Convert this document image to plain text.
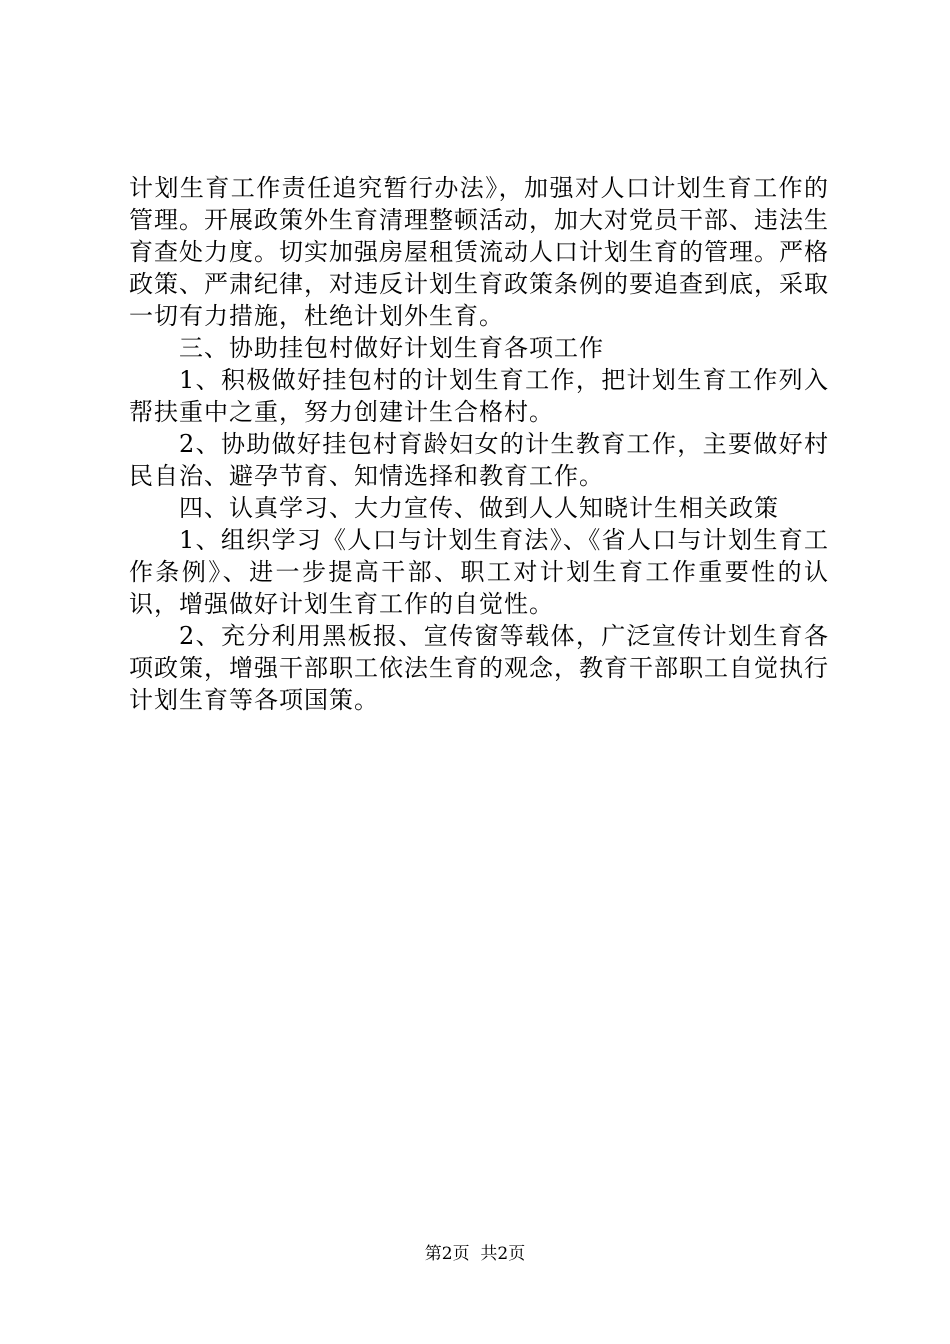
计划生育工作责任追究暂行办法》，加强对人口计划生育工作的管理。开展政策外生育清理整顿活动，加大对党员干部、违法生育查处力度。切实加强房屋租赁流动人口计划生育的管理。严格政策、严肃纪律，对违反计划生育政策条例的要追查到底，采取一切有力措施，杜绝计划外生育。

三、协助挂包村做好计划生育各项工作

1、积极做好挂包村的计划生育工作，把计划生育工作列入帮扶重中之重，努力创建计生合格村。

2、协助做好挂包村育龄妇女的计生教育工作，主要做好村民自治、避孕节育、知情选择和教育工作。

四、认真学习、大力宣传、做到人人知晓计生相关政策

1、组织学习《人口与计划生育法》、《省人口与计划生育工作条例》、进一步提高干部、职工对计划生育工作重要性的认识，增强做好计划生育工作的自觉性。

2、充分利用黑板报、宣传窗等载体，广泛宣传计划生育各项政策，增强干部职工依法生育的观念，教育干部职工自觉执行计划生育等各项国策。

第2页  共2页
